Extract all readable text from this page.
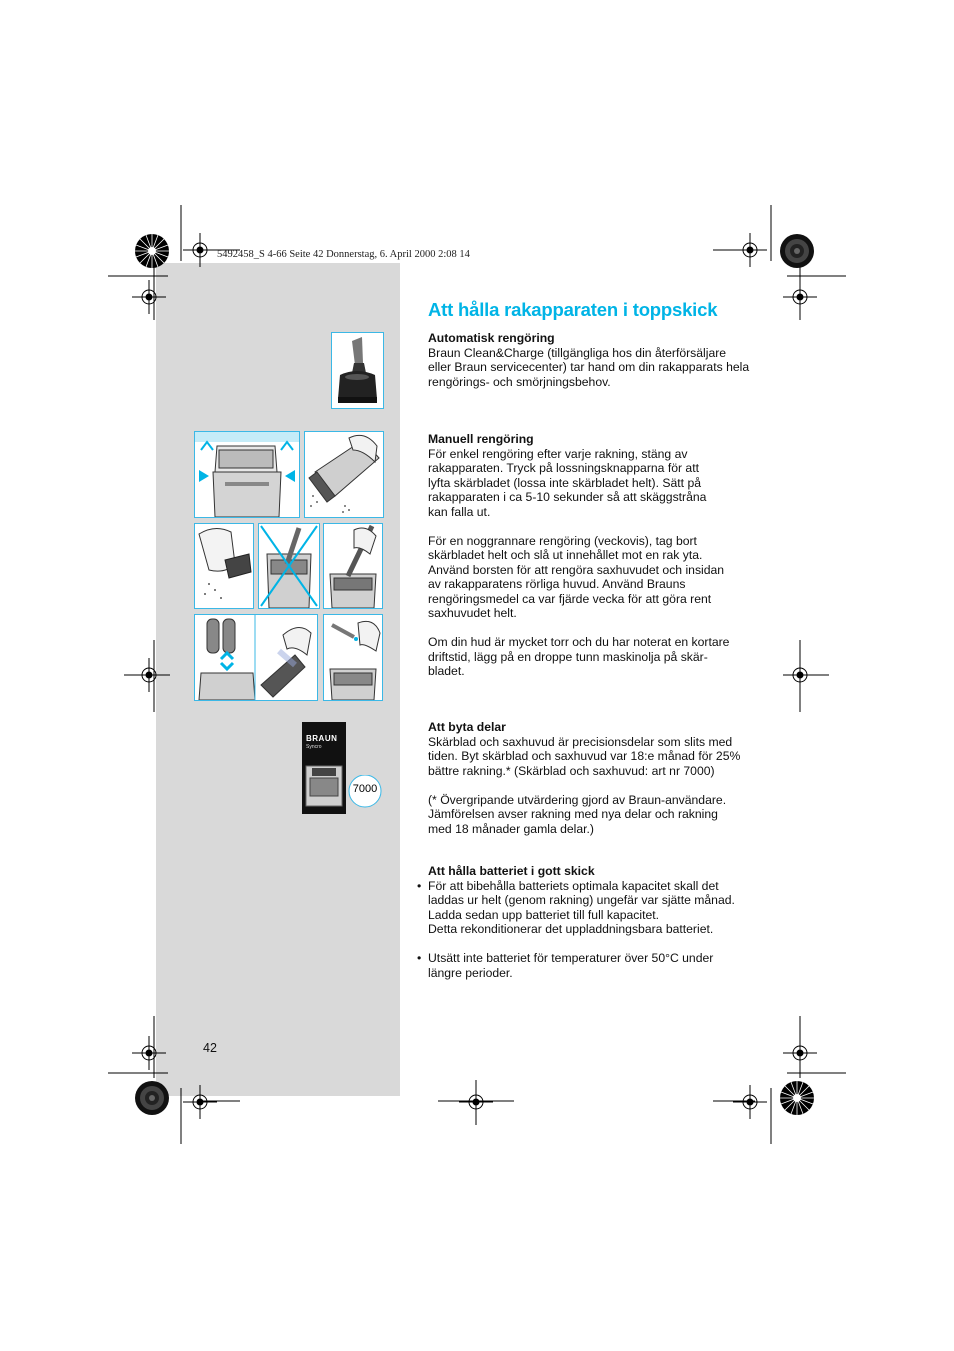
5492458_S 4-66 Seite 42 Donnerstag, 6. April 2000 2:08 14
Att hålla rakapparaten i toppskick
Automatisk rengöring
Braun Clean&Charge (tillgängliga hos din återförsäljare
eller Braun servicecenter) tar hand om din rakapparats hela
rengörings- och smörjningsbehov.
Manuell rengöring
För enkel rengöring efter varje rakning, stäng av
rakapparaten. Tryck på lossningsknapparna för att
lyfta skärbladet (lossa inte skärbladet helt). Sätt på
rakapparaten i ca 5-10 sekunder så att skäggstråna
kan falla ut.
För en noggrannare rengöring (veckovis), tag bort
skärbladet helt och slå ut innehållet mot en rak yta.
Använd borsten för att rengöra saxhuvudet och insidan
av rakapparatens rörliga huvud. Använd Brauns
rengöringsmedel ca var fjärde vecka för att göra rent
saxhuvudet helt.
Om din hud är mycket torr och du har noterat en kortare
driftstid, lägg på en droppe tunn maskinolja på skär-
bladet.
Att byta delar
Skärblad och saxhuvud är precisionsdelar som slits med
tiden. Byt skärblad och saxhuvud var 18:e månad för 25%
bättre rakning.* (Skärblad och saxhuvud: art nr 7000)
(* Övergripande utvärdering gjord av Braun-användare.
Jämförelsen avser rakning med nya delar och rakning
med 18 månader gamla delar.)
Att hålla batteriet i gott skick
• För att bibehålla batteriets optimala kapacitet skall det
laddas ur helt (genom rakning) ungefär var sjätte månad.
Ladda sedan upp batteriet till full kapacitet.
Detta rekonditionerar det uppladdningsbara batteriet.
• Utsätt inte batteriet för temperaturer över 50°C under
längre perioder.
42
BRAUN
Syncro
7000
